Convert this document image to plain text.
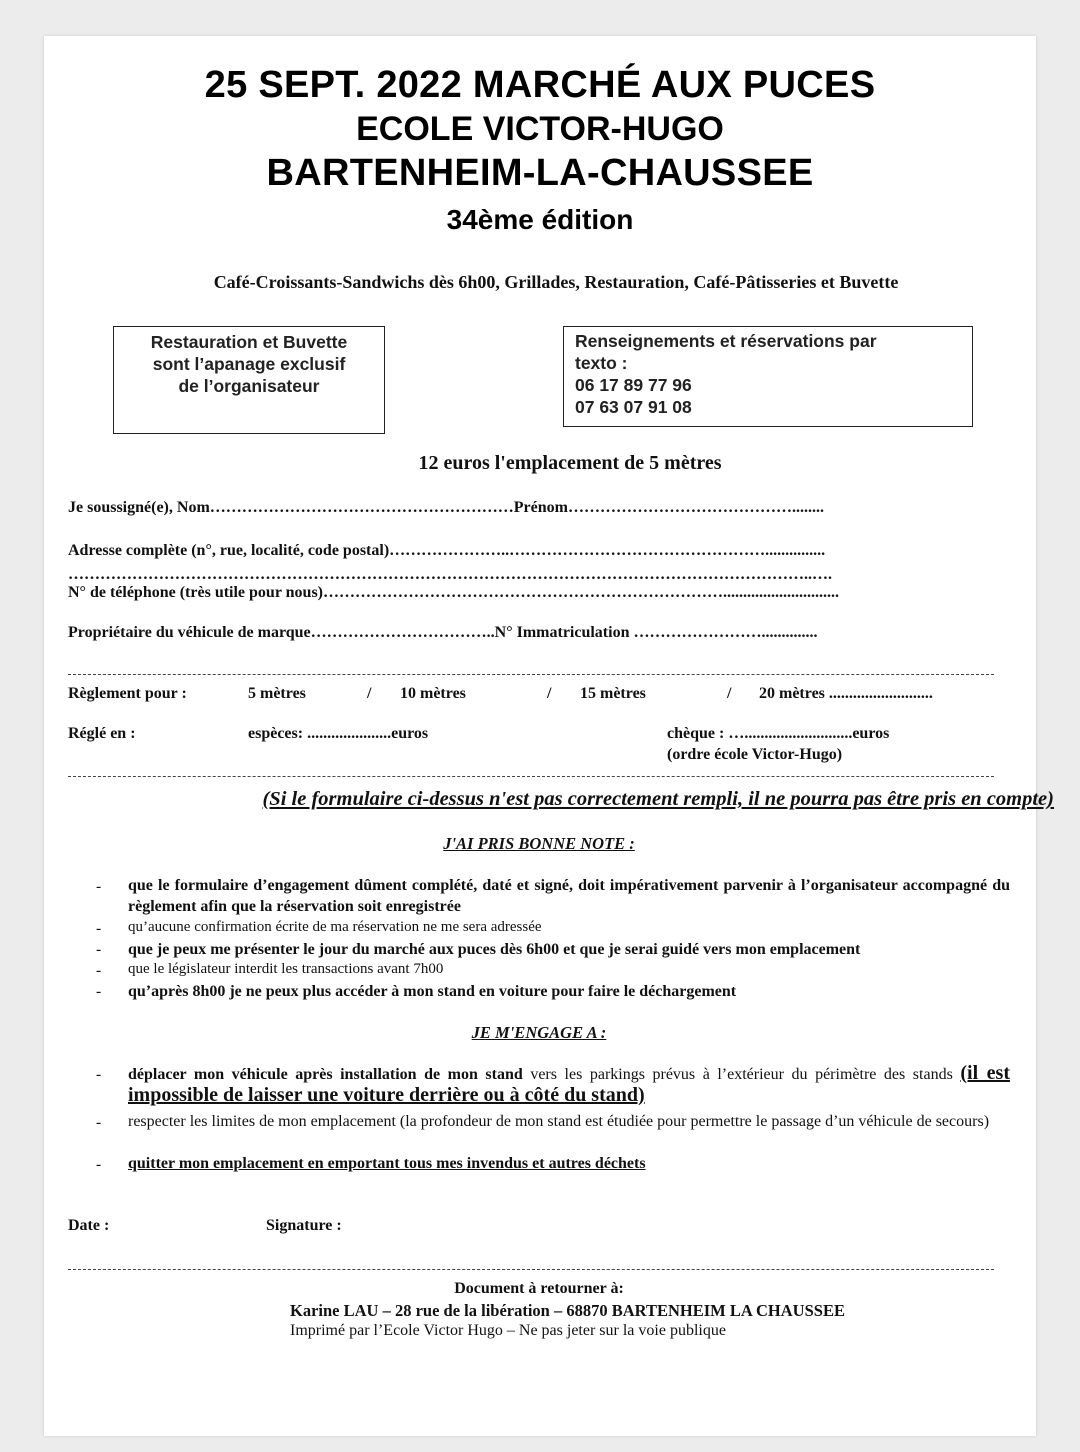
25 SEPT. 2022 MARCHÉ AUX PUCES
ECOLE VICTOR-HUGO
BARTENHEIM-LA-CHAUSSEE
34ème édition
Café-Croissants-Sandwichs dès 6h00, Grillades, Restauration, Café-Pâtisseries et Buvette
Restauration et Buvette
sont l’apanage exclusif
de l’organisateur
Renseignements et réservations par
texto :
06 17 89 77 96
07 63 07 91 08
12 euros l'emplacement de 5 mètres
Je soussigné(e), Nom…………………………………………………Prénom……………………………………........
Adresse complète (n°, rue, localité, code postal)…………………..…………………………………………...............
…………………………………………………………………………………………………………………………..….
N° de téléphone (très utile pour nous)………………………………………………………………….............................
Propriétaire du véhicule de marque……………………………..N° Immatriculation ……………………..............
Règlement pour :	5 mètres	/ 10 mètres	/ 15 mètres	/ 20 mètres ..........................
Réglé en :	espèces: .....................euros	chèque : …...........................euros
(ordre école Victor-Hugo)
(Si le formulaire ci-dessus n'est pas correctement rempli, il ne pourra pas être pris en compte)
J'AI PRIS BONNE NOTE :
- que le formulaire d’engagement dûment complété, daté et signé, doit impérativement parvenir à l’organisateur accompagné du règlement afin que la réservation soit enregistrée
- qu’aucune confirmation écrite de ma réservation ne me sera adressée
- que je peux me présenter le jour du marché aux puces dès 6h00 et que je serai guidé vers mon emplacement
- que le législateur interdit les transactions avant 7h00
- qu’après 8h00 je ne peux plus accéder à mon stand en voiture pour faire le déchargement
JE M'ENGAGE A :
- déplacer mon véhicule après installation de mon stand vers les parkings prévus à l’extérieur du périmètre des stands (il est impossible de laisser une voiture derrière ou à côté du stand)
- respecter les limites de mon emplacement (la profondeur de mon stand est étudiée pour permettre le passage d’un véhicule de secours)
- quitter mon emplacement en emportant tous mes invendus et autres déchets
Date :	Signature :
Document à retourner à:
Karine LAU – 28 rue de la libération – 68870 BARTENHEIM LA CHAUSSEE
Imprimé par l’Ecole Victor Hugo – Ne pas jeter sur la voie publique
